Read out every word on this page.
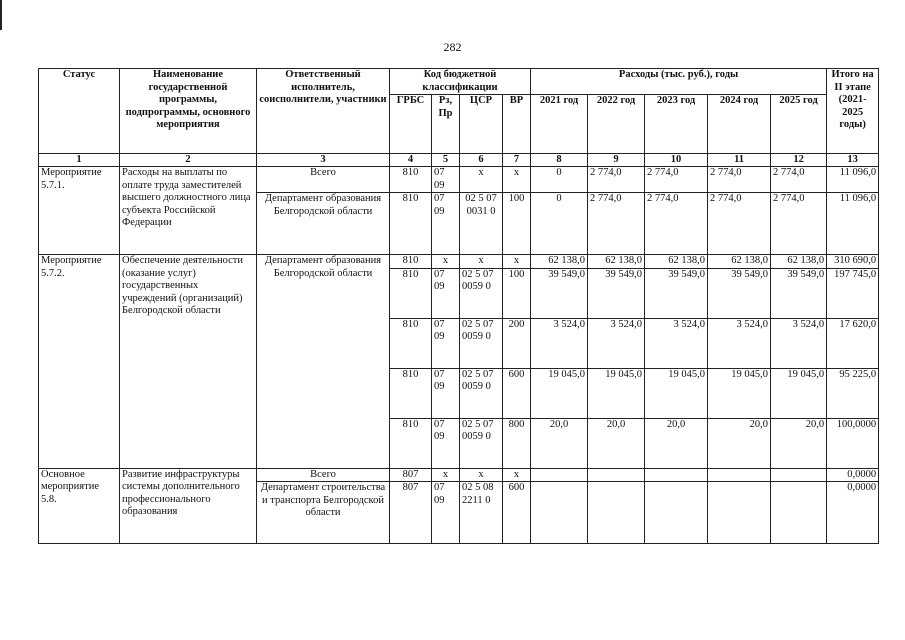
282
Статус	Наименование государственной программы, подпрограммы, основного мероприятия	Ответственный исполнитель, соисполнители, участники	Код бюджетной классификации				Расходы (тыс. руб.), годы					Итого на II этапе (2021-2025 годы)
			ГРБС	Рз, Пр	ЦСР	ВР	2021 год	2022 год	2023 год	2024 год	2025 год	
1	2	3	4	5	6	7	8	9	10	11	12	13
Мероприятие 5.7.1.	Расходы на выплаты по оплате труда заместителей высшего должностного лица субъекта Российской Федерации	Всего	810	07 09	х	х	0	2 774,0	2 774,0	2 774,0	2 774,0	11 096,0
		Департамент образования Белгородской области	810	07 09	02 5 07 0031 0	100	0	2 774,0	2 774,0	2 774,0	2 774,0	11 096,0
Мероприятие 5.7.2.	Обеспечение деятельности (оказание услуг) государственных учреждений (организаций) Белгородской области	Департамент образования Белгородской области	810	х	х	х	62 138,0	62 138,0	62 138,0	62 138,0	62 138,0	310 690,0
			810	07 09	02 5 07 0059 0	100	39 549,0	39 549,0	39 549,0	39 549,0	39 549,0	197 745,0
			810	07 09	02 5 07 0059 0	200	3 524,0	3 524,0	3 524,0	3 524,0	3 524,0	17 620,0
			810	07 09	02 5 07 0059 0	600	19 045,0	19 045,0	19 045,0	19 045,0	19 045,0	95 225,0
			810	07 09	02 5 07 0059 0	800	20,0	20,0	20,0	20,0	20,0	100,0000
Основное мероприятие 5.8.	Развитие инфраструктуры системы дополнительного профессионального образования	Всего	807	х	х	х						0,0000
		Департамент строительства и транспорта Белгородской области	807	07 09	02 5 08 2211 0	600						0,0000
